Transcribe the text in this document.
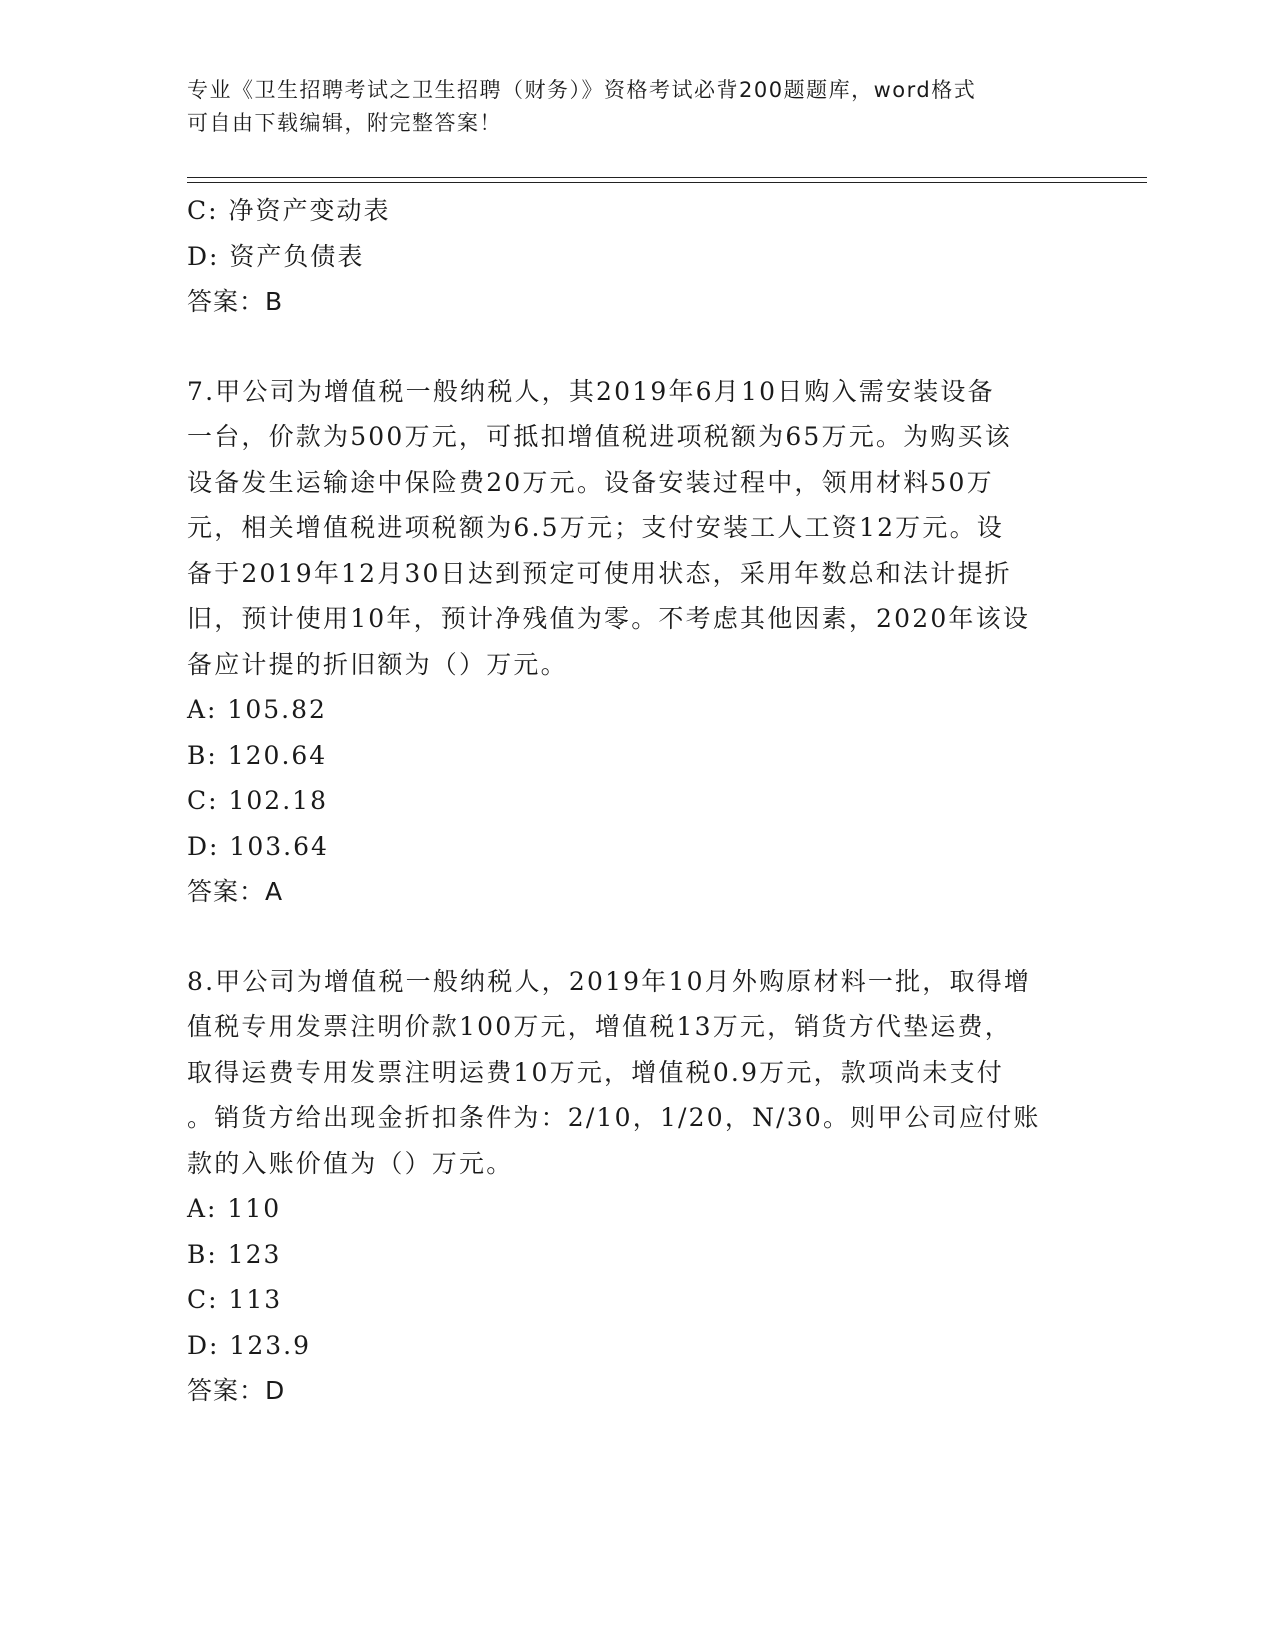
专业《卫生招聘考试之卫生招聘（财务）》资格考试必背200题题库，word格式
可自由下载编辑，附完整答案！
C: 净资产变动表
D: 资产负债表
答案：B
7.甲公司为增值税一般纳税人，其2019年6月10日购入需安装设备
一台，价款为500万元，可抵扣增值税进项税额为65万元。为购买该
设备发生运输途中保险费20万元。设备安装过程中，领用材料50万
元，相关增值税进项税额为6.5万元；支付安装工人工资12万元。设
备于2019年12月30日达到预定可使用状态，采用年数总和法计提折
旧，预计使用10年，预计净残值为零。不考虑其他因素，2020年该设
备应计提的折旧额为（）万元。
A: 105.82
B: 120.64
C: 102.18
D: 103.64
答案：A
8.甲公司为增值税一般纳税人，2019年10月外购原材料一批，取得增
值税专用发票注明价款100万元，增值税13万元，销货方代垫运费，
取得运费专用发票注明运费10万元，增值税0.9万元，款项尚未支付
。销货方给出现金折扣条件为：2/10，1/20，N/30。则甲公司应付账
款的入账价值为（）万元。
A: 110
B: 123
C: 113
D: 123.9
答案：D
